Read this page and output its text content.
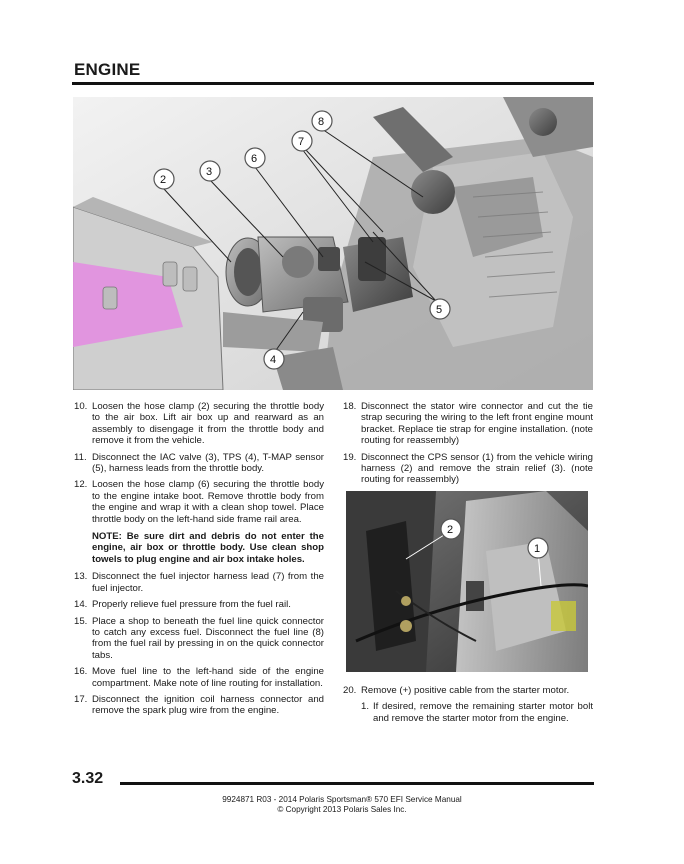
ENGINE
2
3
6
7
8
5
4
10. Loosen the hose clamp (2) securing the throttle body to the air box. Lift air box up and rearward as an assembly to disengage it from the throttle body and remove it from the vehicle.
11. Disconnect the IAC valve (3), TPS (4), T-MAP sensor (5), harness leads from the throttle body.
12. Loosen the hose clamp (6) securing the throttle body to the engine intake boot. Remove throttle body from the engine and wrap it with a clean shop towel. Place throttle body on the left-hand side frame rail area.
NOTE: Be sure dirt and debris do not enter the engine, air box or throttle body. Use clean shop towels to plug engine and air box intake holes.
13. Disconnect the fuel injector harness lead (7) from the fuel injector.
14. Properly relieve fuel pressure from the fuel rail.
15. Place a shop to beneath the fuel line quick connector to catch any excess fuel. Disconnect the fuel line (8) from the fuel rail by pressing in on the quick connector tabs.
16. Move fuel line to the left-hand side of the engine compartment. Make note of line routing for installation.
17. Disconnect the ignition coil harness connector and remove the spark plug wire from the engine.
18. Disconnect the stator wire connector and cut the tie strap securing the wiring to the left front engine mount bracket. Replace tie strap for engine installation. (note routing for reassembly)
19. Disconnect the CPS sensor (1) from the vehicle wiring harness (2) and remove the strain relief (3). (note routing for reassembly)
2
1
20. Remove (+) positive cable from the starter motor.
1. If desired, remove the remaining starter motor bolt and remove the starter motor from the engine.
3.32
9924871 R03 - 2014 Polaris Sportsman® 570 EFI Service Manual
© Copyright 2013 Polaris Sales Inc.
